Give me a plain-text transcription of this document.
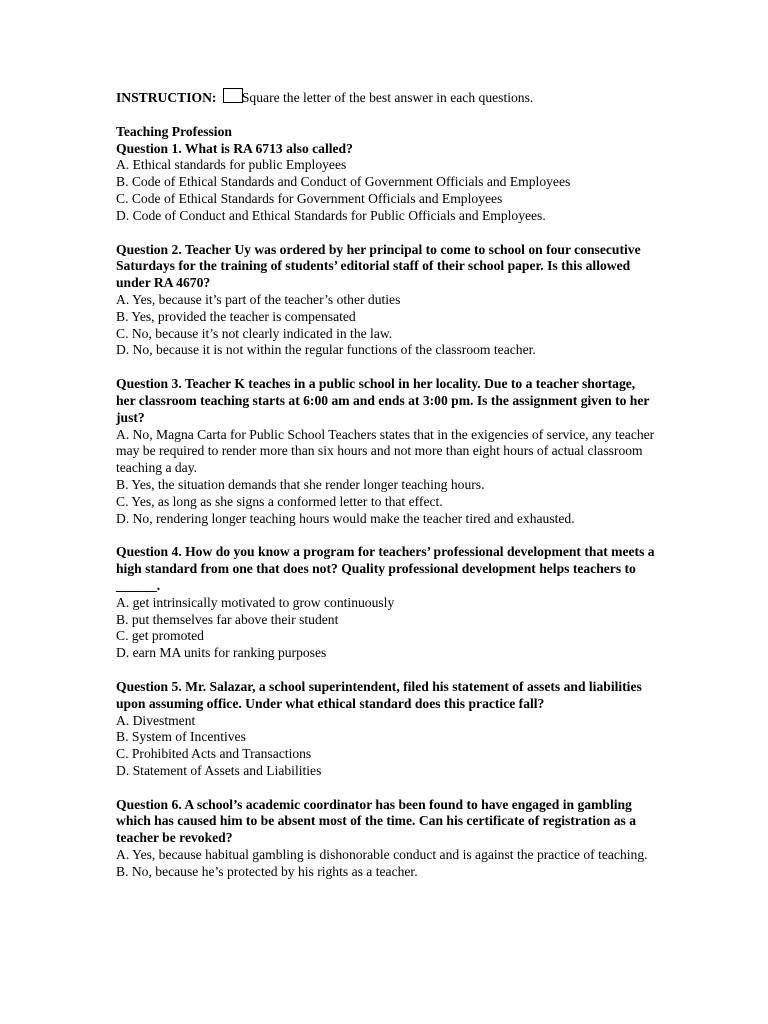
INSTRUCTION: Square the letter of the best answer in each questions.

Teaching Profession

Question 1. What is RA 6713 also called?

A. Ethical standards for public Employees

B. Code of Ethical Standards and Conduct of Government Officials and Employees

C. Code of Ethical Standards for Government Officials and Employees

D. Code of Conduct and Ethical Standards for Public Officials and Employees.

Question 2. Teacher Uy was ordered by her principal to come to school on four consecutive Saturdays for the training of students’ editorial staff of their school paper. Is this allowed under RA 4670?

A. Yes, because it’s part of the teacher’s other duties

B. Yes, provided the teacher is compensated

C. No, because it’s not clearly indicated in the law.

D. No, because it is not within the regular functions of the classroom teacher.

Question 3. Teacher K teaches in a public school in her locality. Due to a teacher shortage, her classroom teaching starts at 6:00 am and ends at 3:00 pm. Is the assignment given to her just?

A. No, Magna Carta for Public School Teachers states that in the exigencies of service, any teacher may be required to render more than six hours and not more than eight hours of actual classroom teaching a day.

B. Yes, the situation demands that she render longer teaching hours.

C. Yes, as long as she signs a conformed letter to that effect.

D. No, rendering longer teaching hours would make the teacher tired and exhausted.

Question 4. How do you know a program for teachers’ professional development that meets a high standard from one that does not? Quality professional development helps teachers to ______.

A. get intrinsically motivated to grow continuously

B. put themselves far above their student

C. get promoted

D. earn MA units for ranking purposes

Question 5. Mr. Salazar, a school superintendent, filed his statement of assets and liabilities upon assuming office. Under what ethical standard does this practice fall?

A. Divestment

B. System of Incentives

C. Prohibited Acts and Transactions

D. Statement of Assets and Liabilities

Question 6. A school’s academic coordinator has been found to have engaged in gambling which has caused him to be absent most of the time. Can his certificate of registration as a teacher be revoked?

A. Yes, because habitual gambling is dishonorable conduct and is against the practice of teaching.

B. No, because he’s protected by his rights as a teacher.
